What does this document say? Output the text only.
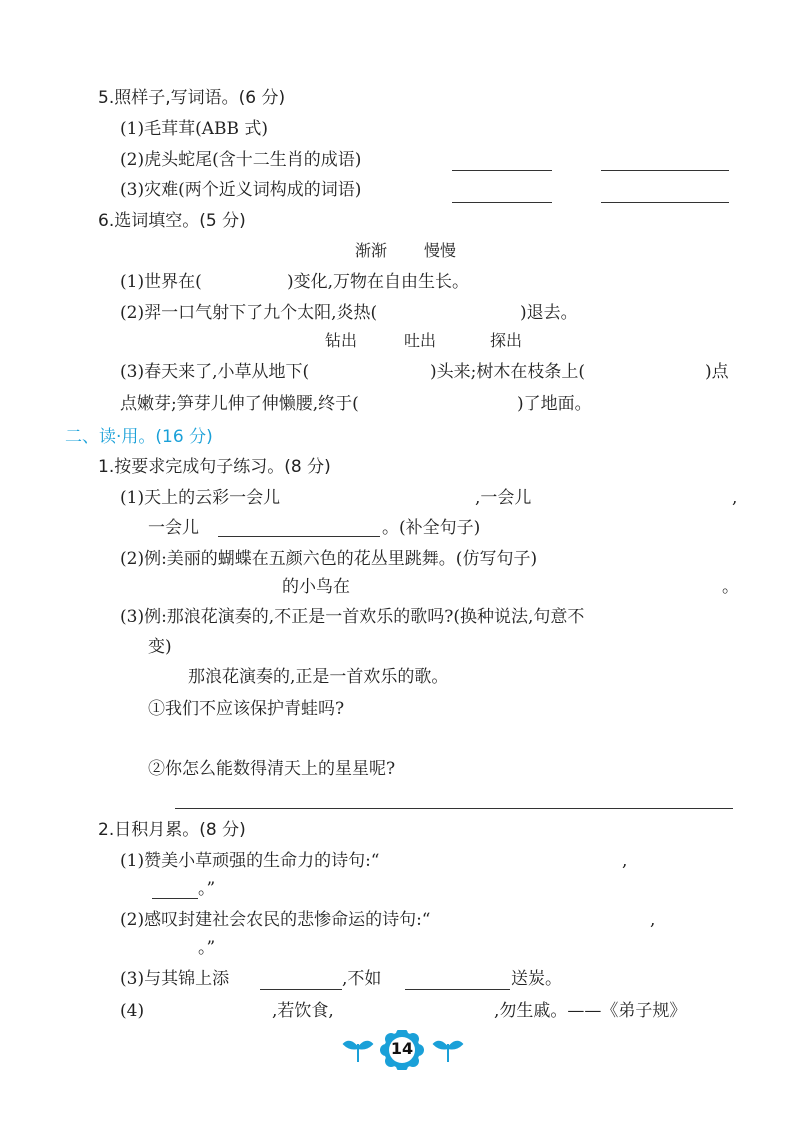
5.照样子,写词语。(6 分)
(1)毛茸茸(ABB 式)
(2)虎头蛇尾(含十二生肖的成语)
(3)灾难(两个近义词构成的词语)
6.选词填空。(5 分)
渐渐 慢慢
(1)世界在(	)变化,万物在自由生长。
(2)羿一口气射下了九个太阳,炎热(	)退去。
钻出	吐出	探出
(3)春天来了,小草从地下(	)头来;树木在枝条上(	)点
点嫩芽;笋芽儿伸了伸懒腰,终于(	)了地面。
二、读·用。(16 分)
1.按要求完成句子练习。(8 分)
(1)天上的云彩一会儿	,一会儿	,
一会儿	。(补全句子)
(2)例:美丽的蝴蝶在五颜六色的花丛里跳舞。(仿写句子)
的小鸟在	。
(3)例:那浪花演奏的,不正是一首欢乐的歌吗?(换种说法,句意不
变)
那浪花演奏的,正是一首欢乐的歌。
①我们不应该保护青蛙吗?
②你怎么能数得清天上的星星呢?
2.日积月累。(8 分)
(1)赞美小草顽强的生命力的诗句:“	,
。”
(2)感叹封建社会农民的悲惨命运的诗句:“	,
。”
(3)与其锦上添	,不如	送炭。
(4)	,若饮食,	,勿生戚。——《弟子规》
14
